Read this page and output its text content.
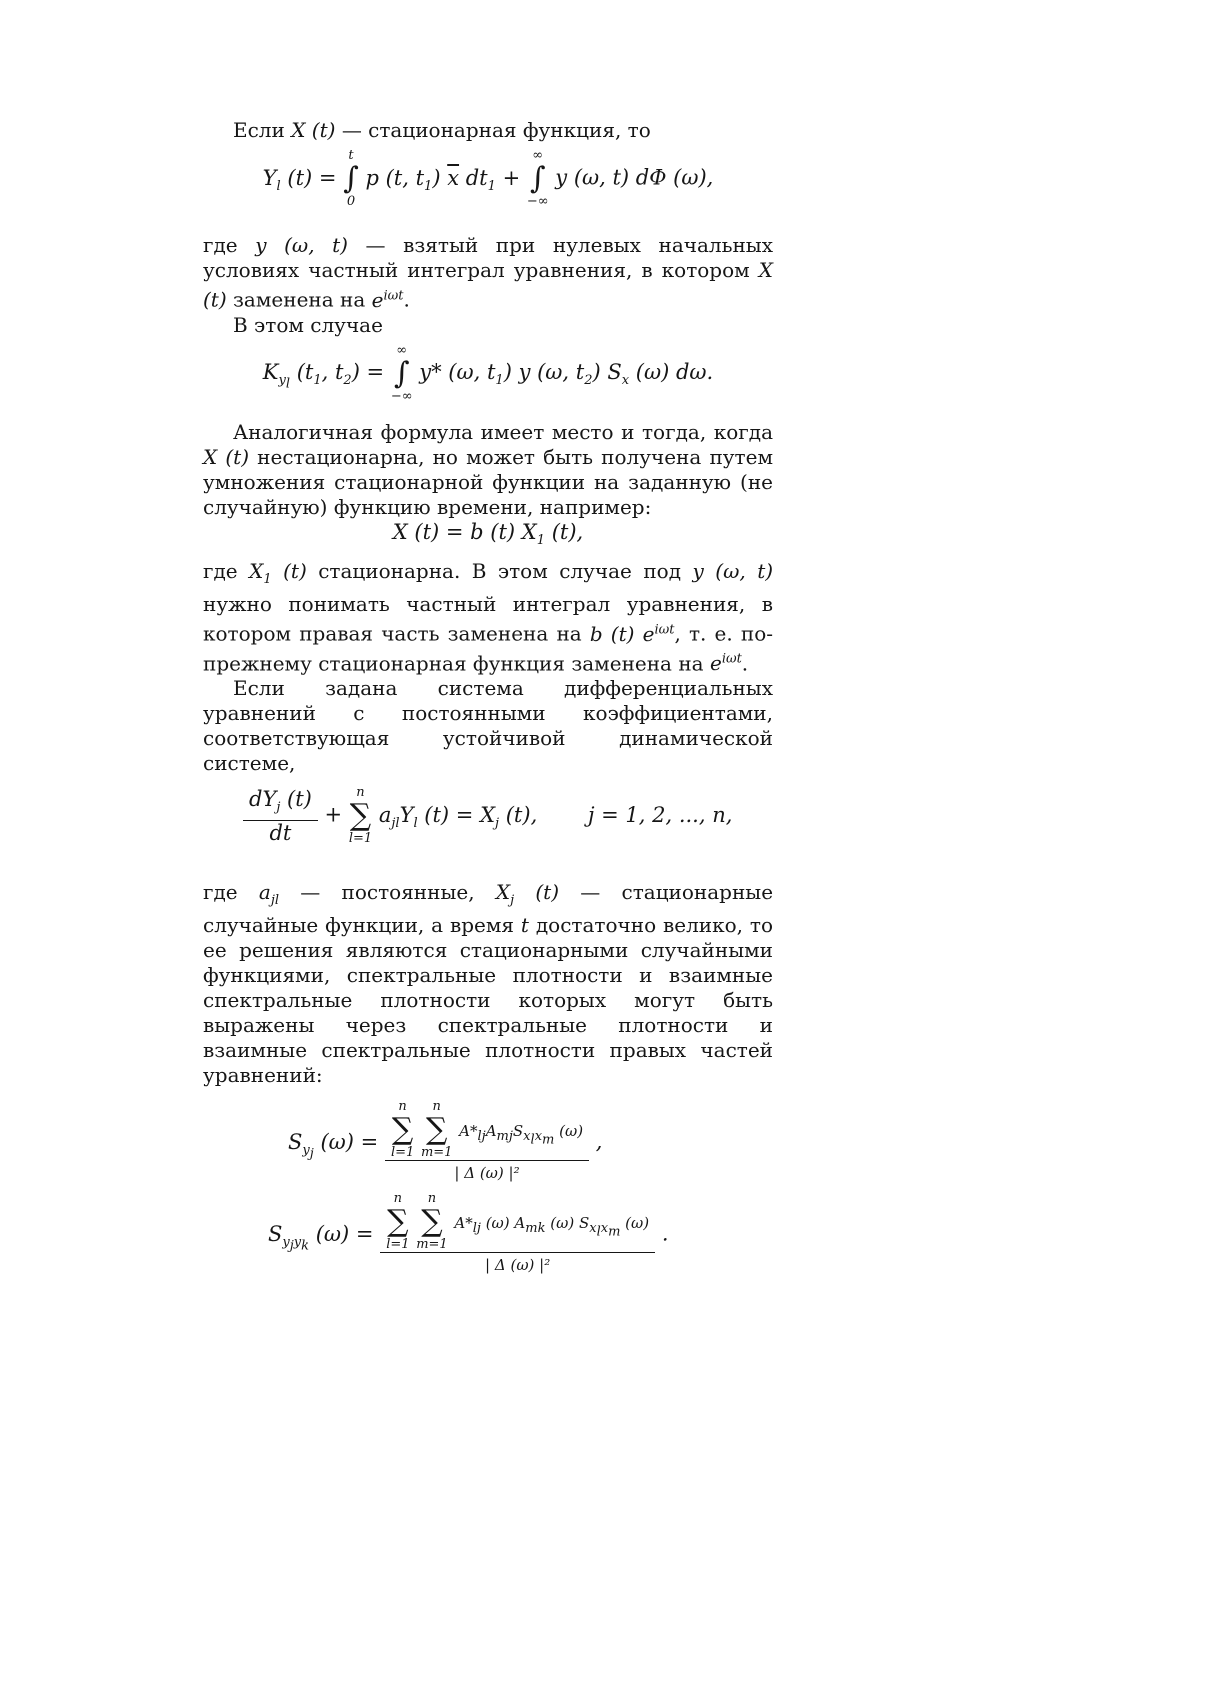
Если X (t) — стационарная функция, то

$Y_l$ (t) =
t
∫
0
p (t, $t_1$) $\overline{x}$ $dt_1$ +
∞
∫
−∞
y (ω, t) dΦ (ω),

где y (ω, t) — взятый при нулевых начальных условиях частный интеграл уравнения, в котором X (t) заменена на $e^{i\omega t}$.

В этом случае

$K_{y_l}$ ($t_1$, $t_2$) =
∞
∫
−∞
y* (ω, $t_1$) y (ω, $t_2$) $S_x$ (ω) dω.

Аналогичная формула имеет место и тогда, когда X (t) нестационарна, но может быть получена путем умножения стационарной функции на заданную (не случайную) функцию времени, например:

X (t) = b (t) $X_1$ (t),

где $X_1$ (t) стационарна. В этом случае под y (ω, t) нужно понимать частный интеграл уравнения, в котором правая часть заменена на b (t) $e^{i\omega t}$, т. е. по-прежнему стационарная функция заменена на $e^{i\omega t}$.

Если задана система дифференциальных уравнений с постоянными коэффициентами, соответствующая устойчивой динамической системе,

$\frac{dY_j (t)}{dt}$ +
n
∑
l=1
$a_{jl}Y_l$ $(t) = X_j$ (t), j = 1, 2, ..., n,

где $a_{jl}$ — постоянные, $X_j$ (t) — стационарные случайные функции, а время t достаточно велико, то ее решения являются стационарными случайными функциями, спектральные плотности и взаимные спектральные плотности которых могут быть выражены через спектральные плотности и взаимные спектральные плотности правых частей уравнений:

$S_{y_j}$ (ω) = n
∑
l=1

n
∑
m=1
$A*_{lj}A_{mj}S_{x_lx_m}$ (ω)
| Δ (ω) |² ,
$S_{y_jy_k}$ (ω) = n
∑
l=1

n
∑
m=1
$A*_{lj}$ (ω) $A_{mk}$ (ω) $S_{x_lx_m}$ (ω)
| Δ (ω) |² .
